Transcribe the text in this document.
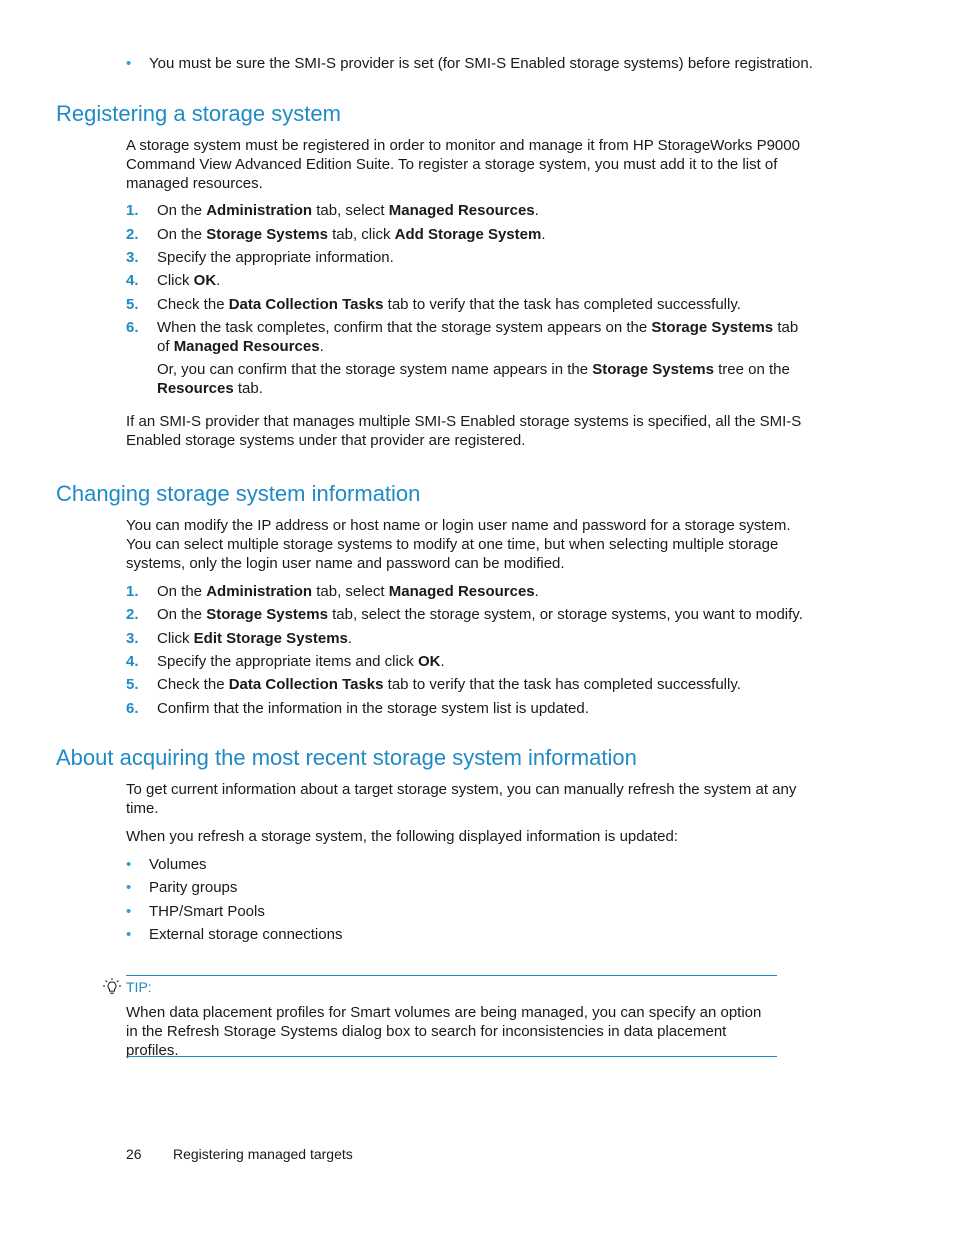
• You must be sure the SMI-S provider is set (for SMI-S Enabled storage systems) before registration.
Registering a storage system
A storage system must be registered in order to monitor and manage it from HP StorageWorks P9000 Command View Advanced Edition Suite. To register a storage system, you must add it to the list of managed resources.
1. On the Administration tab, select Managed Resources.
2. On the Storage Systems tab, click Add Storage System.
3. Specify the appropriate information.
4. Click OK.
5. Check the Data Collection Tasks tab to verify that the task has completed successfully.
6. When the task completes, confirm that the storage system appears on the Storage Systems tab of Managed Resources.
Or, you can confirm that the storage system name appears in the Storage Systems tree on the Resources tab.
If an SMI-S provider that manages multiple SMI-S Enabled storage systems is specified, all the SMI-S Enabled storage systems under that provider are registered.
Changing storage system information
You can modify the IP address or host name or login user name and password for a storage system. You can select multiple storage systems to modify at one time, but when selecting multiple storage systems, only the login user name and password can be modified.
1. On the Administration tab, select Managed Resources.
2. On the Storage Systems tab, select the storage system, or storage systems, you want to modify.
3. Click Edit Storage Systems.
4. Specify the appropriate items and click OK.
5. Check the Data Collection Tasks tab to verify that the task has completed successfully.
6. Confirm that the information in the storage system list is updated.
About acquiring the most recent storage system information
To get current information about a target storage system, you can manually refresh the system at any time.
When you refresh a storage system, the following displayed information is updated:
• Volumes
• Parity groups
• THP/Smart Pools
• External storage connections
TIP:
When data placement profiles for Smart volumes are being managed, you can specify an option in the Refresh Storage Systems dialog box to search for inconsistencies in data placement profiles.
26 Registering managed targets
